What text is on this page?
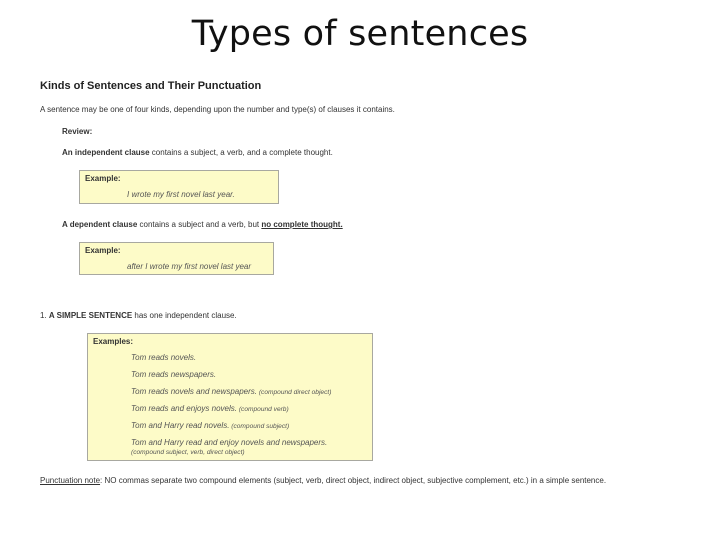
Types of sentences
Kinds of Sentences and Their Punctuation
A sentence may be one of four kinds, depending upon the number and type(s) of clauses it contains.
Review:
An independent clause contains a subject, a verb, and a complete thought.
Example:
I wrote my first novel last year.
A dependent clause contains a subject and a verb, but no complete thought.
Example:
after I wrote my first novel last year
1. A SIMPLE SENTENCE has one independent clause.
Examples:
Tom reads novels.
Tom reads newspapers.
Tom reads novels and newspapers. (compound direct object)
Tom reads and enjoys novels. (compound verb)
Tom and Harry read novels. (compound subject)
Tom and Harry read and enjoy novels and newspapers.
(compound subject, verb, direct object)
Punctuation note: NO commas separate two compound elements (subject, verb, direct object, indirect object, subjective complement, etc.) in a simple sentence.
